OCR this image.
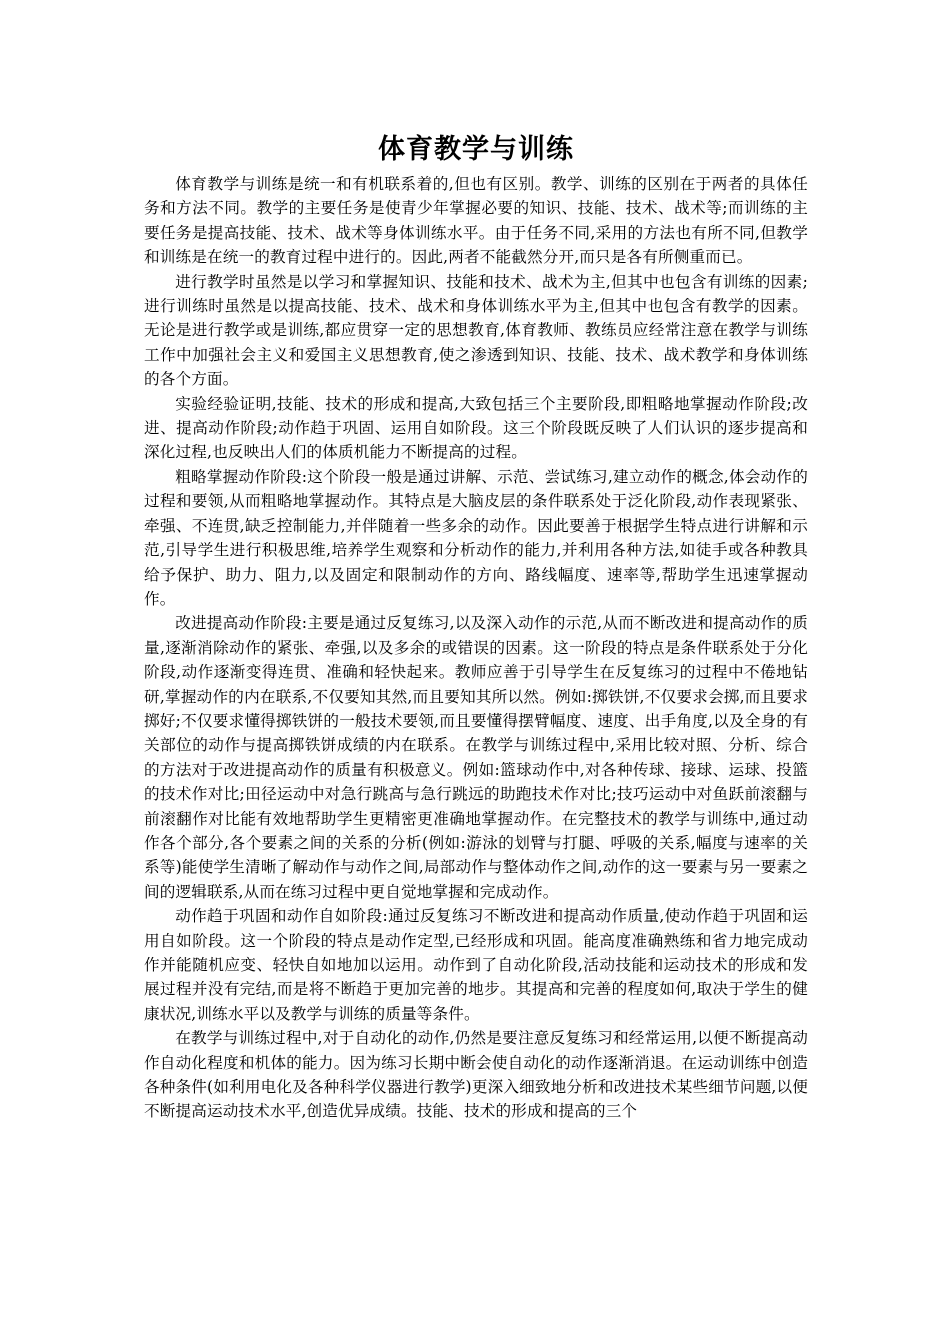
体育教学与训练

体育教学与训练是统一和有机联系着的,但也有区别。教学、训练的区别在于两者的具体任务和方法不同。教学的主要任务是使青少年掌握必要的知识、技能、技术、战术等;而训练的主要任务是提高技能、技术、战术等身体训练水平。由于任务不同,采用的方法也有所不同,但教学和训练是在统一的教育过程中进行的。因此,两者不能截然分开,而只是各有所侧重而已。

进行教学时虽然是以学习和掌握知识、技能和技术、战术为主,但其中也包含有训练的因素;进行训练时虽然是以提高技能、技术、战术和身体训练水平为主,但其中也包含有教学的因素。无论是进行教学或是训练,都应贯穿一定的思想教育,体育教师、教练员应经常注意在教学与训练工作中加强社会主义和爱国主义思想教育,使之渗透到知识、技能、技术、战术教学和身体训练的各个方面。

实验经验证明,技能、技术的形成和提高,大致包括三个主要阶段,即粗略地掌握动作阶段;改进、提高动作阶段;动作趋于巩固、运用自如阶段。这三个阶段既反映了人们认识的逐步提高和深化过程,也反映出人们的体质机能力不断提高的过程。

粗略掌握动作阶段:这个阶段一般是通过讲解、示范、尝试练习,建立动作的概念,体会动作的过程和要领,从而粗略地掌握动作。其特点是大脑皮层的条件联系处于泛化阶段,动作表现紧张、牵强、不连贯,缺乏控制能力,并伴随着一些多余的动作。因此要善于根据学生特点进行讲解和示范,引导学生进行积极思维,培养学生观察和分析动作的能力,并利用各种方法,如徒手或各种教具给予保护、助力、阻力,以及固定和限制动作的方向、路线幅度、速率等,帮助学生迅速掌握动作。

改进提高动作阶段:主要是通过反复练习,以及深入动作的示范,从而不断改进和提高动作的质量,逐渐消除动作的紧张、牵强,以及多余的或错误的因素。这一阶段的特点是条件联系处于分化阶段,动作逐渐变得连贯、准确和轻快起来。教师应善于引导学生在反复练习的过程中不倦地钻研,掌握动作的内在联系,不仅要知其然,而且要知其所以然。例如:掷铁饼,不仅要求会掷,而且要求掷好;不仅要求懂得掷铁饼的一般技术要领,而且要懂得摆臂幅度、速度、出手角度,以及全身的有关部位的动作与提高掷铁饼成绩的内在联系。在教学与训练过程中,采用比较对照、分析、综合的方法对于改进提高动作的质量有积极意义。例如:篮球动作中,对各种传球、接球、运球、投篮的技术作对比;田径运动中对急行跳高与急行跳远的助跑技术作对比;技巧运动中对鱼跃前滚翻与前滚翻作对比能有效地帮助学生更精密更准确地掌握动作。在完整技术的教学与训练中,通过动作各个部分,各个要素之间的关系的分析(例如:游泳的划臂与打腿、呼吸的关系,幅度与速率的关系等)能使学生清晰了解动作与动作之间,局部动作与整体动作之间,动作的这一要素与另一要素之间的逻辑联系,从而在练习过程中更自觉地掌握和完成动作。

动作趋于巩固和动作自如阶段:通过反复练习不断改进和提高动作质量,使动作趋于巩固和运用自如阶段。这一个阶段的特点是动作定型,已经形成和巩固。能高度准确熟练和省力地完成动作并能随机应变、轻快自如地加以运用。动作到了自动化阶段,活动技能和运动技术的形成和发展过程并没有完结,而是将不断趋于更加完善的地步。其提高和完善的程度如何,取决于学生的健康状况,训练水平以及教学与训练的质量等条件。

在教学与训练过程中,对于自动化的动作,仍然是要注意反复练习和经常运用,以便不断提高动作自动化程度和机体的能力。因为练习长期中断会使自动化的动作逐渐消退。在运动训练中创造各种条件(如利用电化及各种科学仪器进行教学)更深入细致地分析和改进技术某些细节问题,以便不断提高运动技术水平,创造优异成绩。技能、技术的形成和提高的三个
